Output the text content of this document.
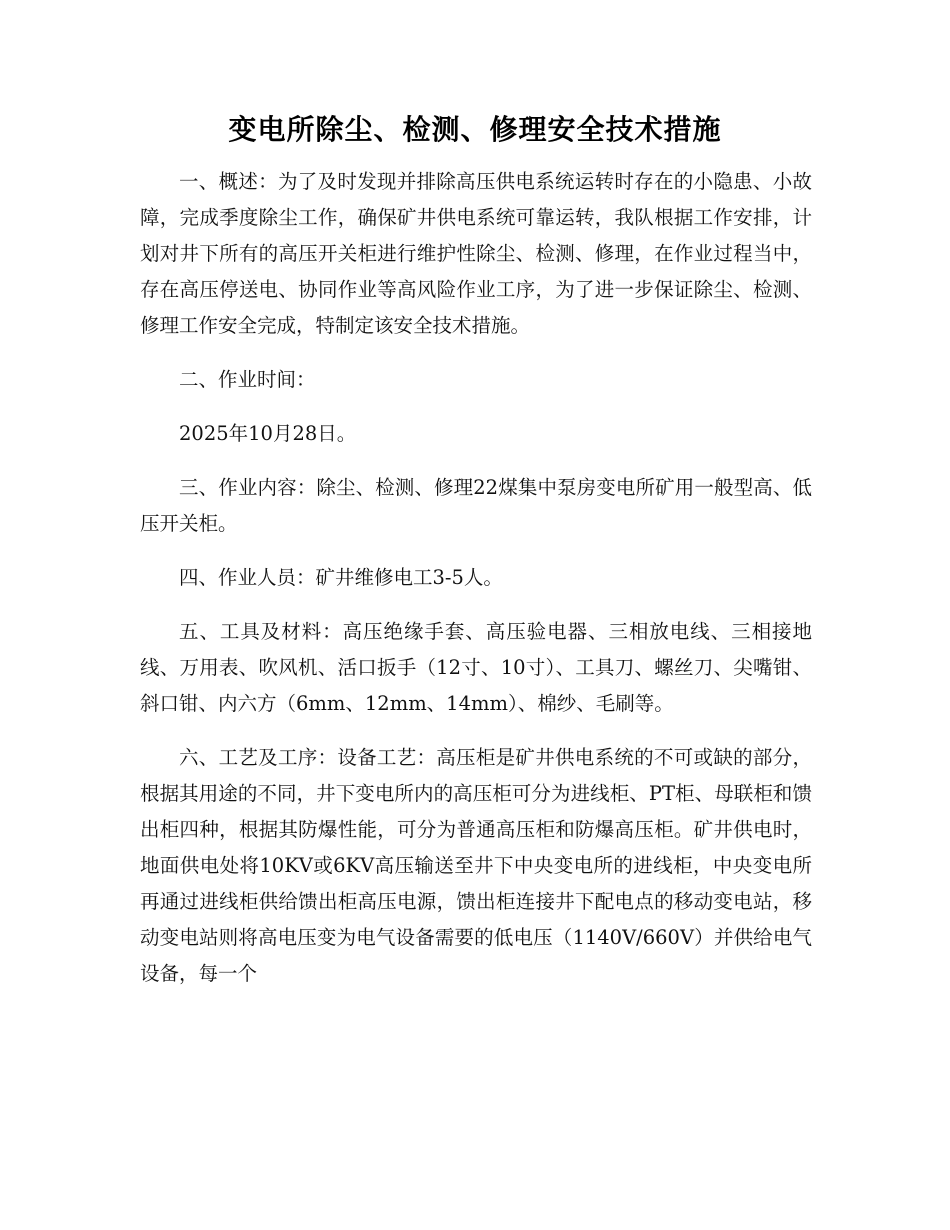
变电所除尘、检测、修理安全技术措施

一、概述：为了及时发现并排除高压供电系统运转时存在的小隐患、小故障，完成季度除尘工作，确保矿井供电系统可靠运转，我队根据工作安排，计划对井下所有的高压开关柜进行维护性除尘、检测、修理，在作业过程当中，存在高压停送电、协同作业等高风险作业工序，为了进一步保证除尘、检测、修理工作安全完成，特制定该安全技术措施。

二、作业时间：

2025年10月28日。

三、作业内容：除尘、检测、修理22煤集中泵房变电所矿用一般型高、低压开关柜。

四、作业人员：矿井维修电工3-5人。

五、工具及材料：高压绝缘手套、高压验电器、三相放电线、三相接地线、万用表、吹风机、活口扳手（12寸、10寸）、工具刀、螺丝刀、尖嘴钳、斜口钳、内六方（6mm、12mm、14mm）、棉纱、毛刷等。

六、工艺及工序：设备工艺：高压柜是矿井供电系统的不可或缺的部分，根据其用途的不同，井下变电所内的高压柜可分为进线柜、PT柜、母联柜和馈出柜四种，根据其防爆性能，可分为普通高压柜和防爆高压柜。矿井供电时，地面供电处将10KV或6KV高压输送至井下中央变电所的进线柜，中央变电所再通过进线柜供给馈出柜高压电源，馈出柜连接井下配电点的移动变电站，移动变电站则将高电压变为电气设备需要的低电压（1140V/660V）并供给电气设备，每一个
